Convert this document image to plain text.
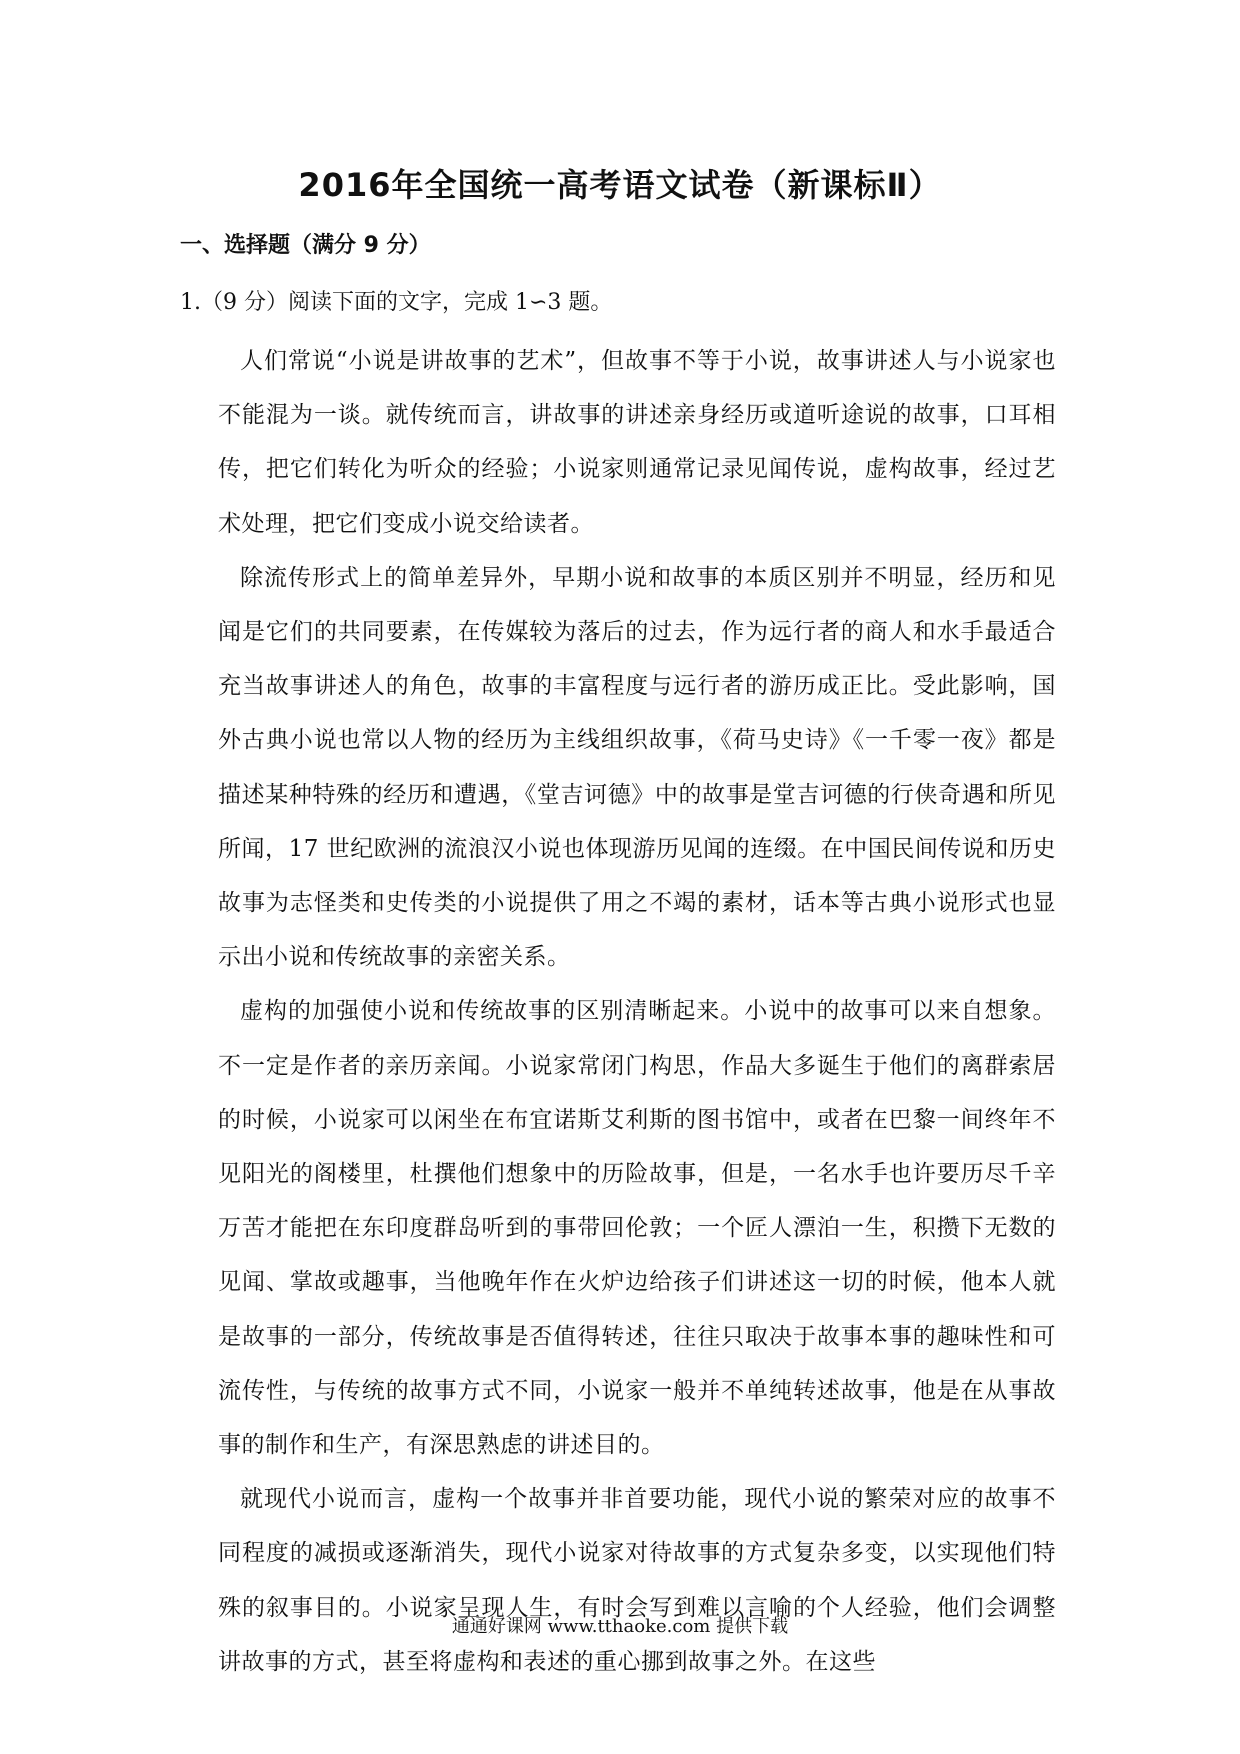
2016年全国统一高考语文试卷（新课标Ⅱ）
一、选择题（满分 9 分）

1.（9 分）阅读下面的文字，完成 1∽3 题。

人们常说“小说是讲故事的艺术”，但故事不等于小说，故事讲述人与小说家也不能混为一谈。就传统而言，讲故事的讲述亲身经历或道听途说的故事，口耳相传，把它们转化为听众的经验；小说家则通常记录见闻传说，虚构故事，经过艺术处理，把它们变成小说交给读者。

除流传形式上的简单差异外，早期小说和故事的本质区别并不明显，经历和见闻是它们的共同要素，在传媒较为落后的过去，作为远行者的商人和水手最适合充当故事讲述人的角色，故事的丰富程度与远行者的游历成正比。受此影响，国外古典小说也常以人物的经历为主线组织故事，《荷马史诗》《一千零一夜》都是描述某种特殊的经历和遭遇，《堂吉诃德》中的故事是堂吉诃德的行侠奇遇和所见所闻，17 世纪欧洲的流浪汉小说也体现游历见闻的连缀。在中国民间传说和历史故事为志怪类和史传类的小说提供了用之不竭的素材，话本等古典小说形式也显示出小说和传统故事的亲密关系。

虚构的加强使小说和传统故事的区别清晰起来。小说中的故事可以来自想象。不一定是作者的亲历亲闻。小说家常闭门构思，作品大多诞生于他们的离群索居的时候，小说家可以闲坐在布宜诺斯艾利斯的图书馆中，或者在巴黎一间终年不见阳光的阁楼里，杜撰他们想象中的历险故事，但是，一名水手也许要历尽千辛万苦才能把在东印度群岛听到的事带回伦敦；一个匠人漂泊一生，积攒下无数的见闻、掌故或趣事，当他晚年作在火炉边给孩子们讲述这一切的时候，他本人就是故事的一部分，传统故事是否值得转述，往往只取决于故事本事的趣味性和可流传性，与传统的故事方式不同，小说家一般并不单纯转述故事，他是在从事故事的制作和生产，有深思熟虑的讲述目的。

就现代小说而言，虚构一个故事并非首要功能，现代小说的繁荣对应的故事不同程度的减损或逐渐消失，现代小说家对待故事的方式复杂多变，以实现他们特殊的叙事目的。小说家呈现人生，有时会写到难以言喻的个人经验，他们会调整讲故事的方式，甚至将虚构和表述的重心挪到故事之外。在这些

通通好课网 www.tthaoke.com 提供下载
